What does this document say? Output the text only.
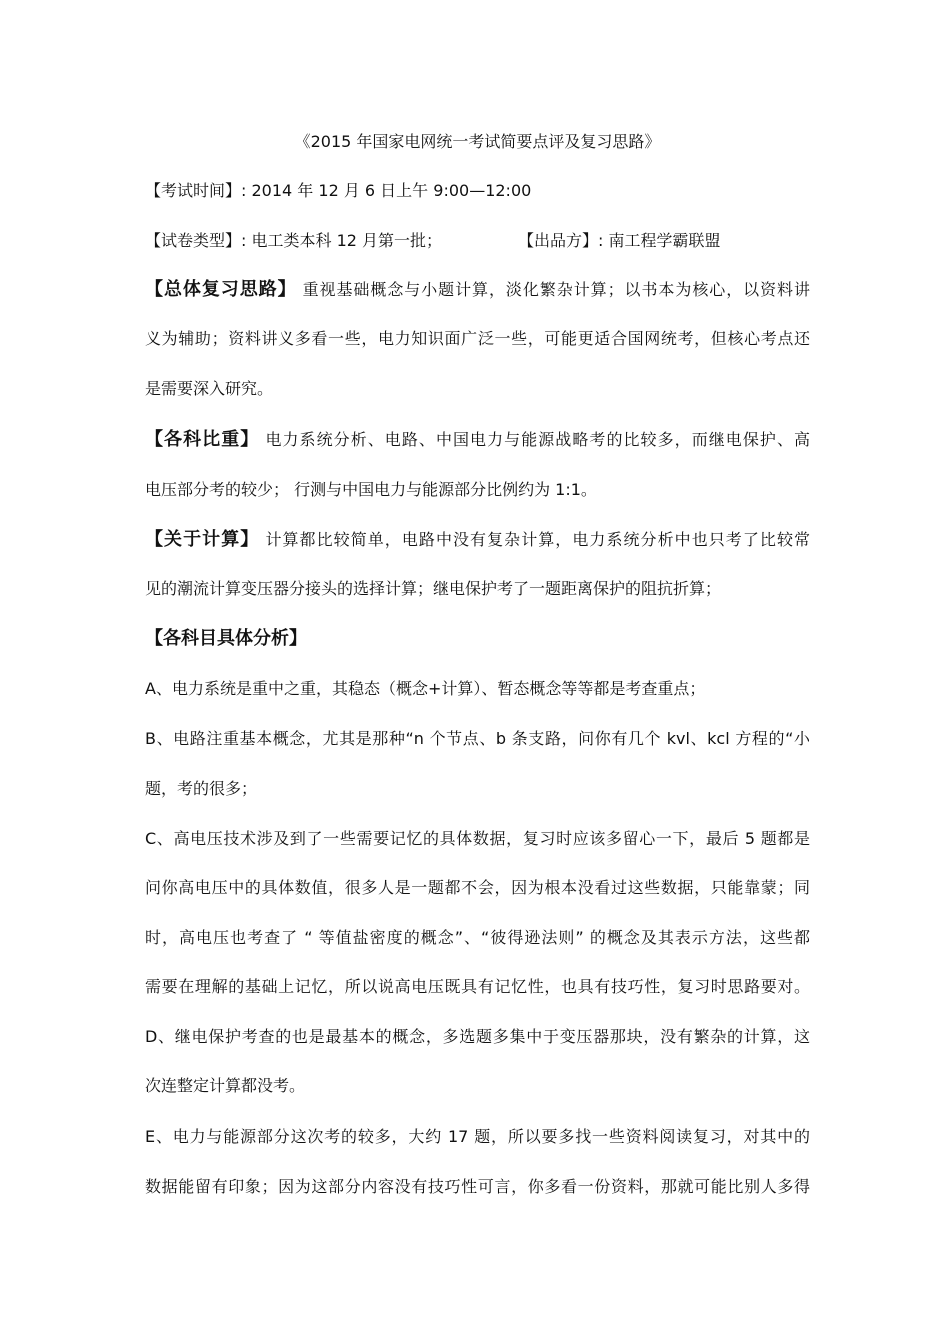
《2015 年国家电网统一考试简要点评及复习思路》
【考试时间】: 2014 年 12 月 6 日上午 9:00—12:00
【试卷类型】: 电工类本科 12 月第一批；	【出品方】: 南工程学霸联盟
【总体复习思路】 重视基础概念与小题计算，淡化繁杂计算；以书本为核心，以资料讲
义为辅助；资料讲义多看一些，电力知识面广泛一些，可能更适合国网统考，但核心考点还
是需要深入研究。
【各科比重】 电力系统分析、电路、中国电力与能源战略考的比较多，而继电保护、高
电压部分考的较少； 行测与中国电力与能源部分比例约为 1:1。
【关于计算】 计算都比较简单，电路中没有复杂计算，电力系统分析中也只考了比较常
见的潮流计算变压器分接头的选择计算；继电保护考了一题距离保护的阻抗折算；
【各科目具体分析】
A、电力系统是重中之重，其稳态（概念+计算）、暂态概念等等都是考查重点；
B、电路注重基本概念，尤其是那种“n 个节点、b 条支路，问你有几个 kvl、kcl 方程的“小
题，考的很多；
C、高电压技术涉及到了一些需要记忆的具体数据，复习时应该多留心一下，最后 5 题都是
问你高电压中的具体数值，很多人是一题都不会，因为根本没看过这些数据，只能靠蒙；同
时，高电压也考查了 “ 等值盐密度的概念”、“彼得逊法则” 的概念及其表示方法，这些都
需要在理解的基础上记忆，所以说高电压既具有记忆性，也具有技巧性，复习时思路要对。
D、继电保护考查的也是最基本的概念，多选题多集中于变压器那块，没有繁杂的计算，这
次连整定计算都没考。
E、电力与能源部分这次考的较多，大约 17 题，所以要多找一些资料阅读复习，对其中的
数据能留有印象；因为这部分内容没有技巧性可言，你多看一份资料，那就可能比别人多得
